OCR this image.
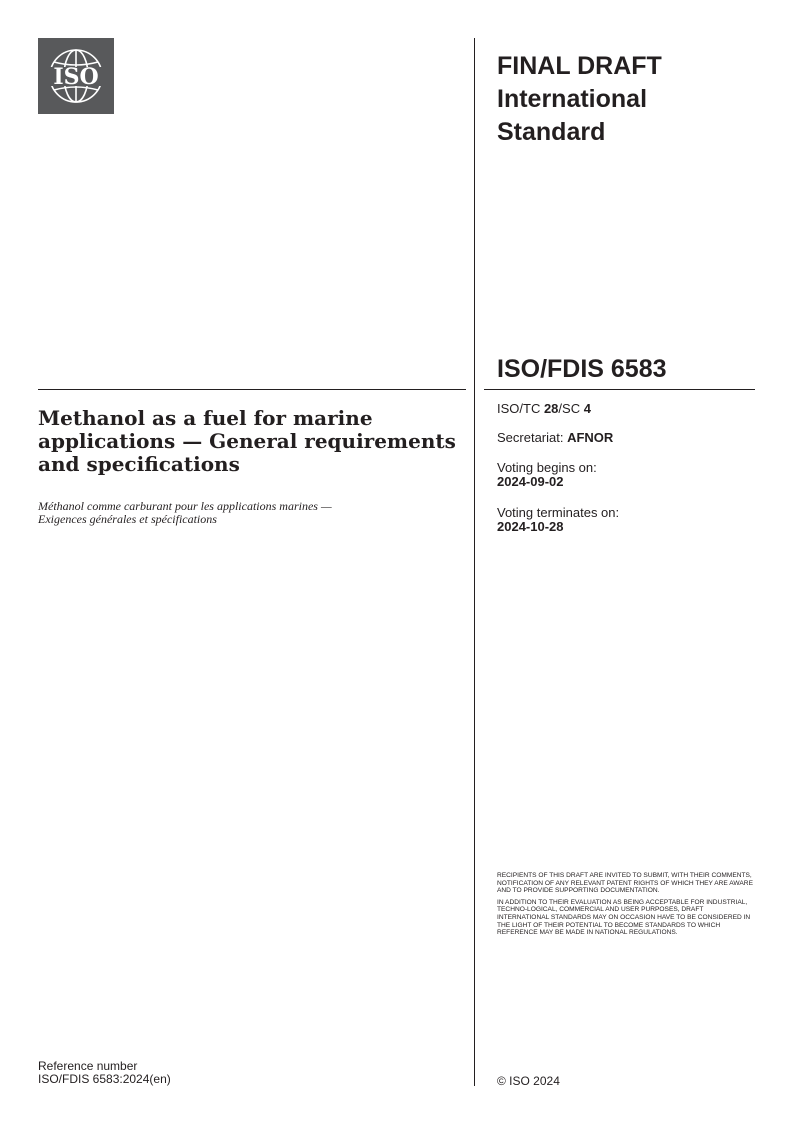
ISO	FINAL DRAFT
International
Standard
ISO/FDIS 6583
Methanol as a fuel for marine applications — General requirements and specifications
Méthanol comme carburant pour les applications marines —
Exigences générales et spécifications
ISO/TC 28/SC 4
Secretariat: AFNOR
Voting begins on:
2024-09-02
Voting terminates on:
2024-10-28

RECIPIENTS OF THIS DRAFT ARE INVITED TO SUBMIT, WITH THEIR COMMENTS, NOTIFICATION OF ANY RELEVANT PATENT RIGHTS OF WHICH THEY ARE AWARE AND TO PROVIDE SUPPORTING DOCUMENTATION.

IN ADDITION TO THEIR EVALUATION AS BEING ACCEPTABLE FOR INDUSTRIAL, TECHNO-LOGICAL, COMMERCIAL AND USER PURPOSES, DRAFT INTERNATIONAL STANDARDS MAY ON OCCASION HAVE TO BE CONSIDERED IN THE LIGHT OF THEIR POTENTIAL TO BECOME STANDARDS TO WHICH REFERENCE MAY BE MADE IN NATIONAL REGULATIONS.

Reference number
ISO/FDIS 6583:2024(en)	© ISO 2024
